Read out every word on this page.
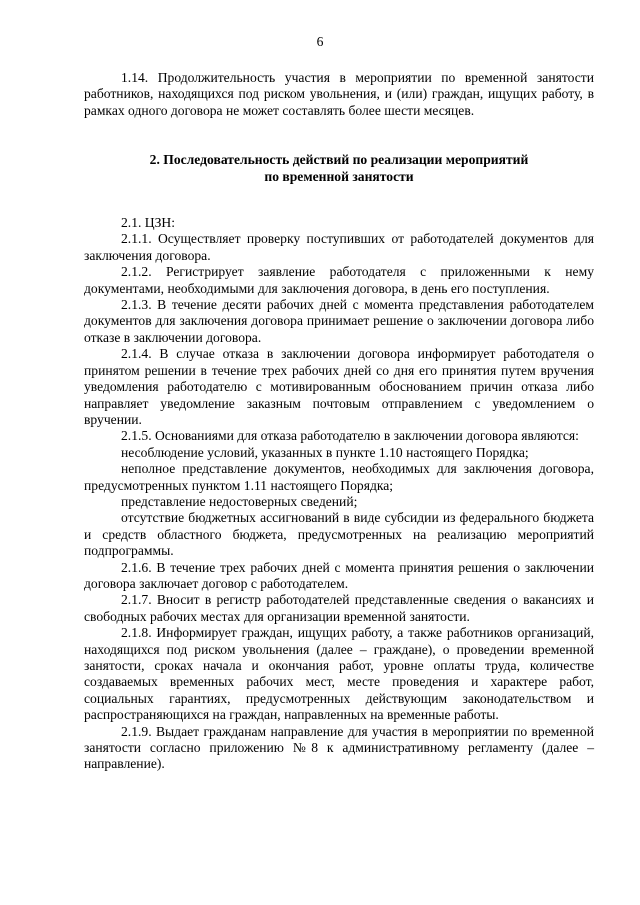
6

1.14. Продолжительность участия в мероприятии по временной занятости работников, находящихся под риском увольнения, и (или) граждан, ищущих работу, в рамках одного договора не может составлять более шести месяцев.

2. Последовательность действий по реализации мероприятий
по временной занятости

2.1. ЦЗН:

2.1.1. Осуществляет проверку поступивших от работодателей документов для заключения договора.

2.1.2. Регистрирует заявление работодателя с приложенными к нему документами, необходимыми для заключения договора, в день его поступления.

2.1.3. В течение десяти рабочих дней с момента представления работодателем документов для заключения договора принимает решение о заключении договора либо отказе в заключении договора.

2.1.4. В случае отказа в заключении договора информирует работодателя о принятом решении в течение трех рабочих дней со дня его принятия путем вручения уведомления работодателю с мотивированным обоснованием причин отказа либо направляет уведомление заказным почтовым отправлением с уведомлением о вручении.

2.1.5. Основаниями для отказа работодателю в заключении договора являются:

несоблюдение условий, указанных в пункте 1.10 настоящего Порядка;

неполное представление документов, необходимых для заключения договора, предусмотренных пунктом 1.11 настоящего Порядка;

представление недостоверных сведений;

отсутствие бюджетных ассигнований в виде субсидии из федерального бюджета и средств областного бюджета, предусмотренных на реализацию мероприятий подпрограммы.

2.1.6. В течение трех рабочих дней с момента принятия решения о заключении договора заключает договор с работодателем.

2.1.7. Вносит в регистр работодателей представленные сведения о вакансиях и свободных рабочих местах для организации временной занятости.

2.1.8. Информирует граждан, ищущих работу, а также работников организаций, находящихся под риском увольнения (далее – граждане), о проведении временной занятости, сроках начала и окончания работ, уровне оплаты труда, количестве создаваемых временных рабочих мест, месте проведения и характере работ, социальных гарантиях, предусмотренных действующим законодательством и распространяющихся на граждан, направленных на временные работы.

2.1.9. Выдает гражданам направление для участия в мероприятии по временной занятости согласно приложению №8 к административному регламенту (далее – направление).
